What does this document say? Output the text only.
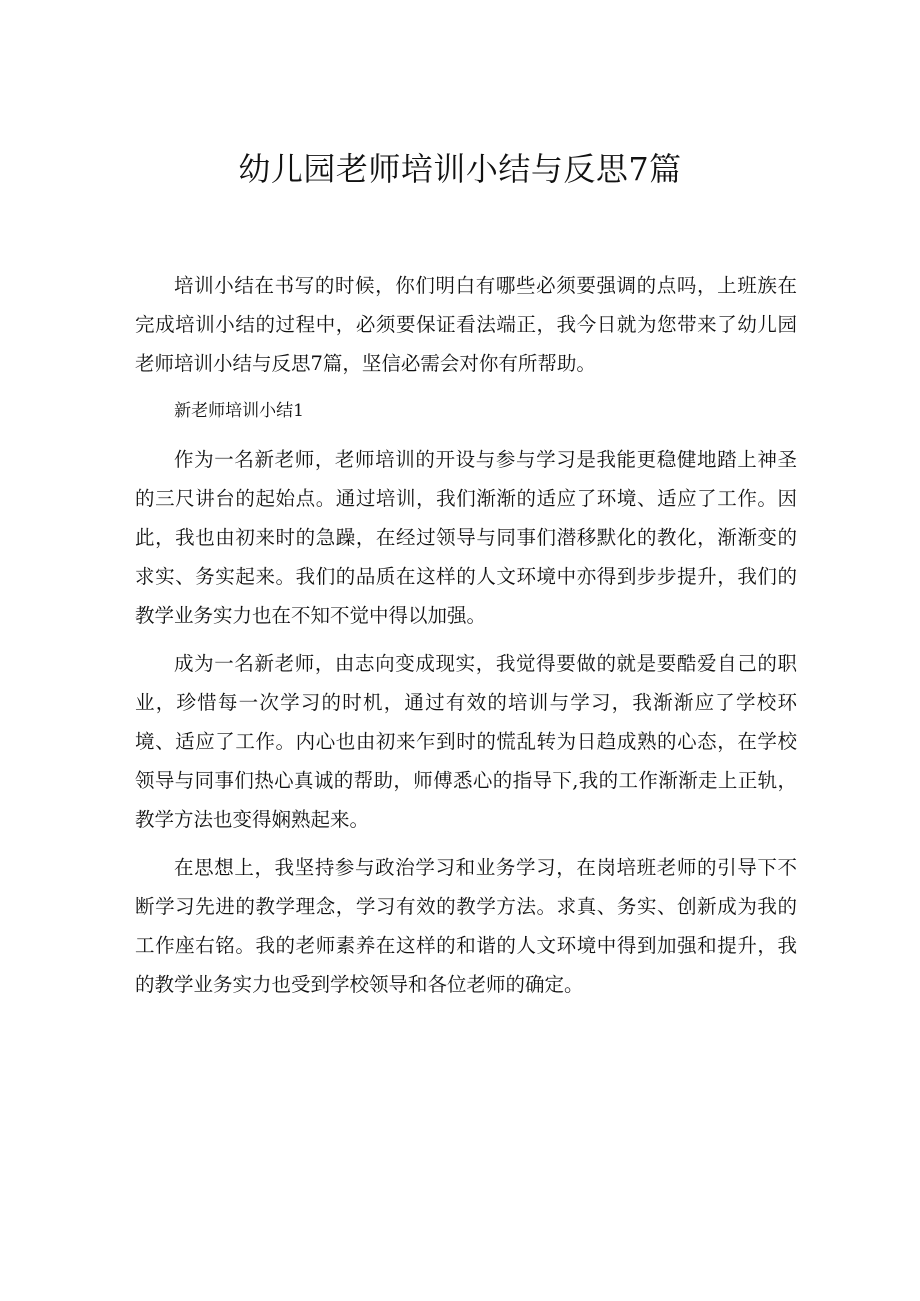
幼儿园老师培训小结与反思7篇

培训小结在书写的时候，你们明白有哪些必须要强调的点吗，上班族在完成培训小结的过程中，必须要保证看法端正，我今日就为您带来了幼儿园老师培训小结与反思7篇，坚信必需会对你有所帮助。

新老师培训小结1

作为一名新老师，老师培训的开设与参与学习是我能更稳健地踏上神圣的三尺讲台的起始点。通过培训，我们渐渐的适应了环境、适应了工作。因此，我也由初来时的急躁，在经过领导与同事们潜移默化的教化，渐渐变的求实、务实起来。我们的品质在这样的人文环境中亦得到步步提升，我们的教学业务实力也在不知不觉中得以加强。

成为一名新老师，由志向变成现实，我觉得要做的就是要酷爱自己的职业，珍惜每一次学习的时机，通过有效的培训与学习，我渐渐应了学校环境、适应了工作。内心也由初来乍到时的慌乱转为日趋成熟的心态，在学校领导与同事们热心真诚的帮助，师傅悉心的指导下,我的工作渐渐走上正轨，教学方法也变得娴熟起来。

在思想上，我坚持参与政治学习和业务学习，在岗培班老师的引导下不断学习先进的教学理念，学习有效的教学方法。求真、务实、创新成为我的工作座右铭。我的老师素养在这样的和谐的人文环境中得到加强和提升，我的教学业务实力也受到学校领导和各位老师的确定。
